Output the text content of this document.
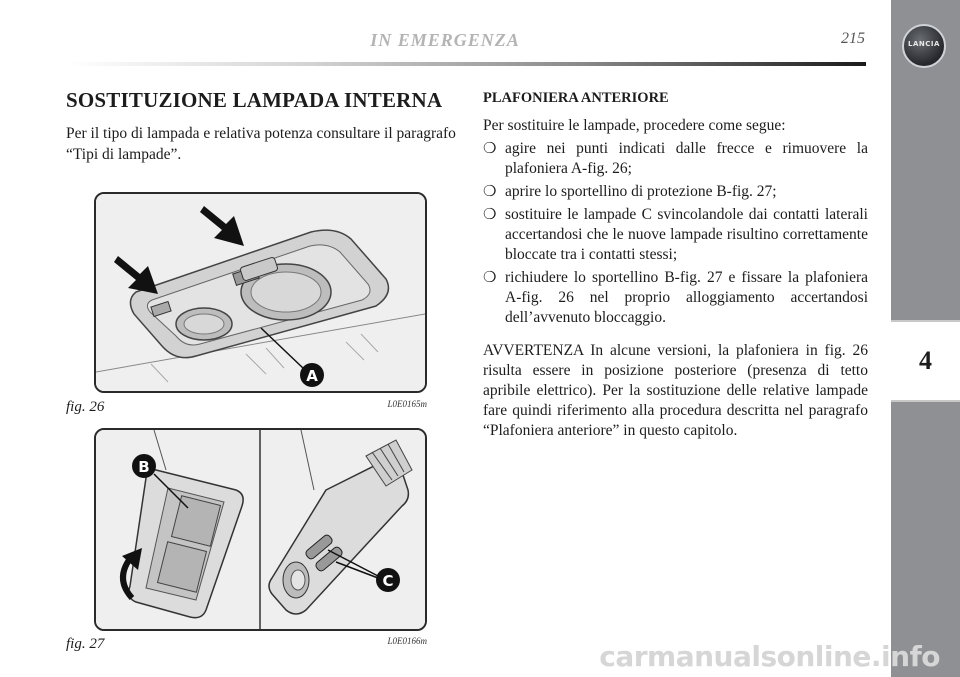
IN EMERGENZA	215	LANCIA
4
SOSTITUZIONE LAMPADA INTERNA
Per il tipo di lampada e relativa potenza consultare il paragrafo “Tipi di lampade”.
A
fig. 26	L0E0165m
B
C
fig. 27	L0E0166m
PLAFONIERA ANTERIORE
Per sostituire le lampade, procedere come segue:
❍ agire nei punti indicati dalle frecce e rimuovere la plafoniera A-fig. 26;
❍ aprire lo sportellino di protezione B-fig. 27;
❍ sostituire le lampade C svincolandole dai contatti laterali accertandosi che le nuove lampade risultino correttamente bloccate tra i contatti stessi;
❍ richiudere lo sportellino B-fig. 27 e fissare la plafoniera A-fig. 26 nel proprio alloggiamento accertandosi dell’avvenuto bloccaggio.
AVVERTENZA In alcune versioni, la plafoniera in fig. 26 risulta essere in posizione posteriore (presenza di tetto apribile elettrico). Per la sostituzione delle relative lampade fare quindi riferimento alla procedura descritta nel paragrafo “Plafoniera anteriore” in questo capitolo.
carmanualsonline.info
